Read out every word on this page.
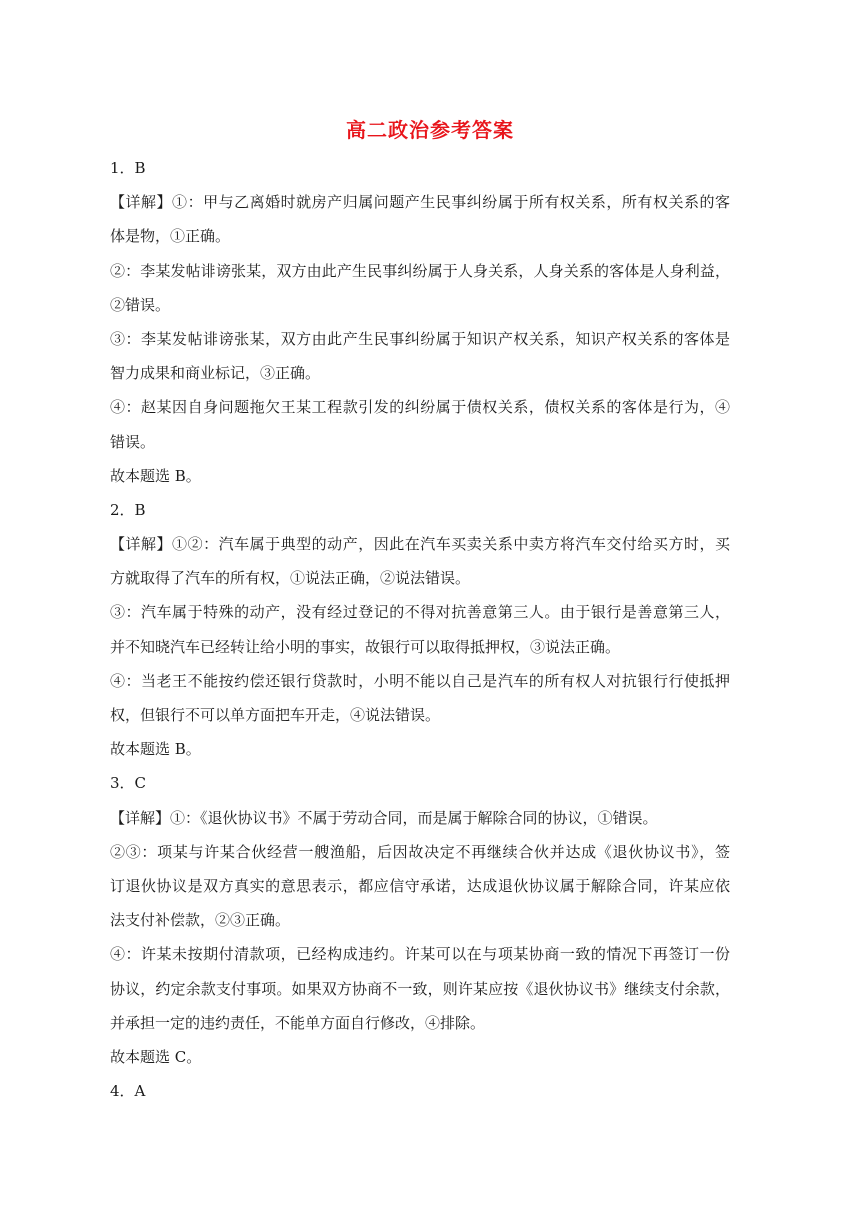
高二政治参考答案
1．B
【详解】①：甲与乙离婚时就房产归属问题产生民事纠纷属于所有权关系，所有权关系的客
体是物，①正确。
②：李某发帖诽谤张某，双方由此产生民事纠纷属于人身关系，人身关系的客体是人身利益，
②错误。
③：李某发帖诽谤张某，双方由此产生民事纠纷属于知识产权关系，知识产权关系的客体是
智力成果和商业标记，③正确。
④：赵某因自身问题拖欠王某工程款引发的纠纷属于债权关系，债权关系的客体是行为，④
错误。
故本题选 B。
2．B
【详解】①②：汽车属于典型的动产，因此在汽车买卖关系中卖方将汽车交付给买方时，买
方就取得了汽车的所有权，①说法正确，②说法错误。
③：汽车属于特殊的动产，没有经过登记的不得对抗善意第三人。由于银行是善意第三人，
并不知晓汽车已经转让给小明的事实，故银行可以取得抵押权，③说法正确。
④：当老王不能按约偿还银行贷款时，小明不能以自己是汽车的所有权人对抗银行行使抵押
权，但银行不可以单方面把车开走，④说法错误。
故本题选 B。
3．C
【详解】①：《退伙协议书》不属于劳动合同，而是属于解除合同的协议，①错误。
②③：项某与许某合伙经营一艘渔船，后因故决定不再继续合伙并达成《退伙协议书》，签
订退伙协议是双方真实的意思表示，都应信守承诺，达成退伙协议属于解除合同，许某应依
法支付补偿款，②③正确。
④：许某未按期付清款项，已经构成违约。许某可以在与项某协商一致的情况下再签订一份
协议，约定余款支付事项。如果双方协商不一致，则许某应按《退伙协议书》继续支付余款，
并承担一定的违约责任，不能单方面自行修改，④排除。
故本题选 C。
4．A
